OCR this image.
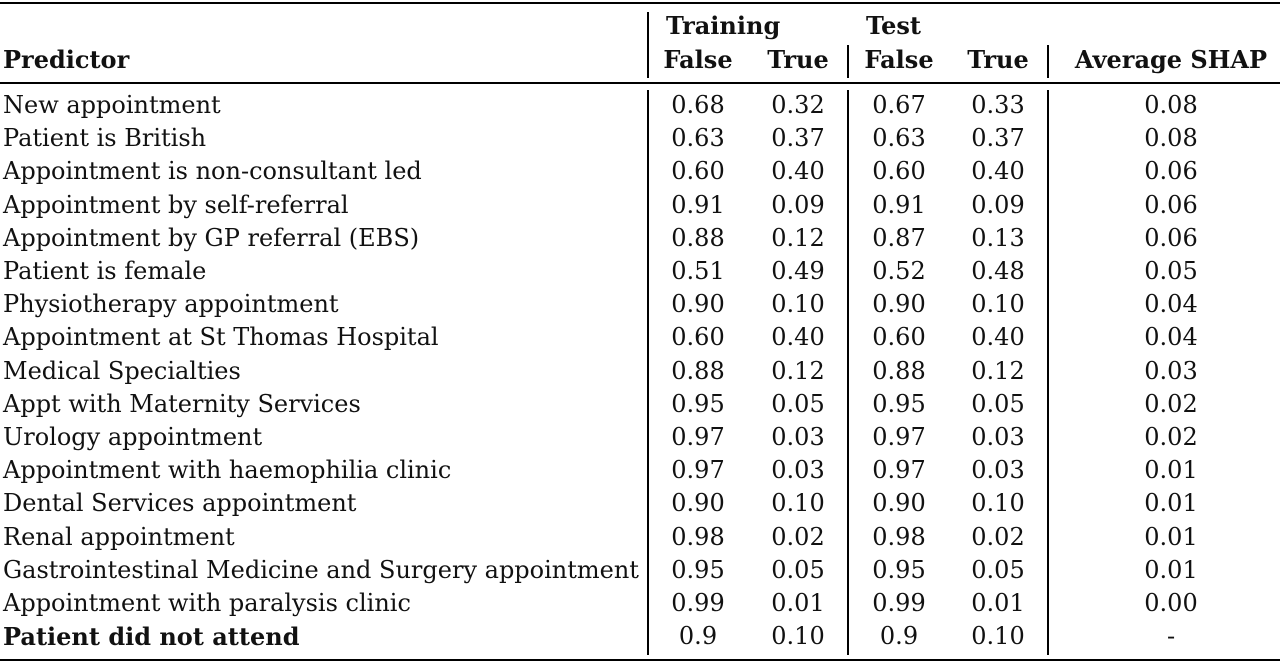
Training	Test
Predictor	False True False True Average SHAP
New appointment	0.68 0.32 0.67 0.33	0.08
Patient is British	0.63 0.37 0.63 0.37	0.08
Appointment is non-consultant led	0.60 0.40 0.60 0.40	0.06
Appointment by self-referral	0.91 0.09 0.91 0.09	0.06
Appointment by GP referral (EBS)	0.88 0.12 0.87 0.13	0.06
Patient is female	0.51 0.49 0.52 0.48	0.05
Physiotherapy appointment	0.90 0.10 0.90 0.10	0.04
Appointment at St Thomas Hospital	0.60 0.40 0.60 0.40	0.04
Medical Specialties	0.88 0.12 0.88 0.12	0.03
Appt with Maternity Services	0.95 0.05 0.95 0.05	0.02
Urology appointment	0.97 0.03 0.97 0.03	0.02
Appointment with haemophilia clinic	0.97 0.03 0.97 0.03	0.01
Dental Services appointment	0.90 0.10 0.90 0.10	0.01
Renal appointment	0.98 0.02 0.98 0.02	0.01
Gastrointestinal Medicine and Surgery appointment 0.95 0.05 0.95 0.05	0.01
Appointment with paralysis clinic	0.99 0.01 0.99 0.01	0.00
Patient did not attend	0.9 0.10 0.9 0.10	-
